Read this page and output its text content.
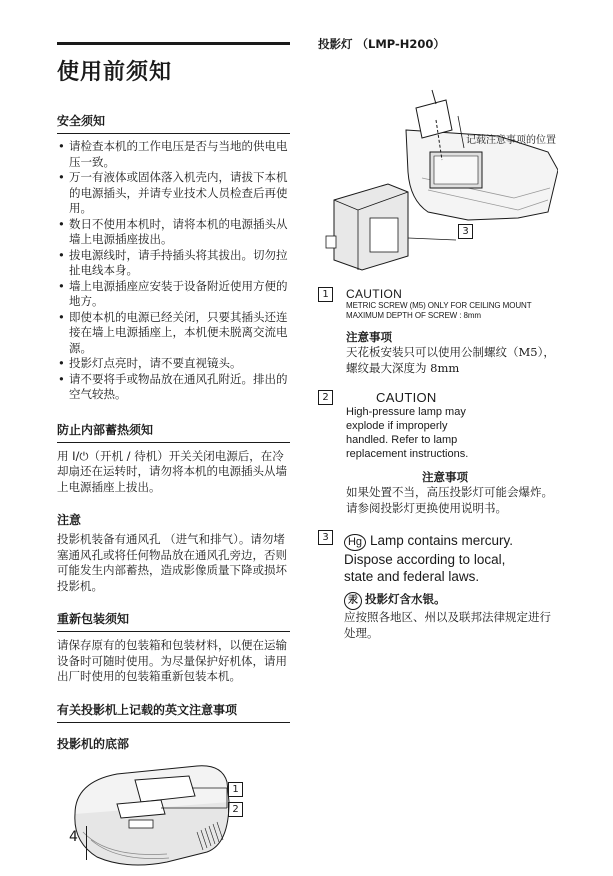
使用前须知
安全须知
• 请检查本机的工作电压是否与当地的供电电压一致。
• 万一有液体或固体落入机壳内，请拔下本机的电源插头，并请专业技术人员检查后再使用。
• 数日不使用本机时，请将本机的电源插头从墙上电源插座拔出。
• 拔电源线时，请手持插头将其拔出。切勿拉扯电线本身。
• 墙上电源插座应安装于设备附近使用方便的地方。
• 即使本机的电源已经关闭，只要其插头还连接在墙上电源插座上，本机便未脱离交流电源。
• 投影灯点亮时，请不要直视镜头。
• 请不要将手或物品放在通风孔附近。排出的空气较热。
防止内部蓄热须知
用 I/⏻（开机 / 待机）开关关闭电源后，在冷却扇还在运转时，请勿将本机的电源插头从墙上电源插座上拔出。
注意
投影机装备有通风孔 （进气和排气）。请勿堵塞通风孔或将任何物品放在通风孔旁边，否则可能发生内部蓄热，造成影像质量下降或损坏投影机。
重新包装须知
请保存原有的包装箱和包装材料，以便在运输设备时可随时使用。为尽量保护好机体，请用出厂时使用的包装箱重新包装本机。
有关投影机上记载的英文注意事项
投影机的底部
1
2
投影灯 （LMP-H200）
记载注意事项的位置
3
1	CAUTION
METRIC SCREW (M5) ONLY FOR CEILING MOUNT
MAXIMUM DEPTH OF SCREW : 8mm
注意事项
天花板安装只可以使用公制螺纹（M5），螺纹最大深度为 8mm
2	CAUTION
High-pressure lamp may
explode if improperly
handled. Refer to lamp
replacement instructions.
注意事项
如果处置不当，高压投影灯可能会爆炸。请参阅投影灯更换使用说明书。
3	Hg Lamp contains mercury.
Dispose according to local,
state and federal laws.
汞 投影灯含水银。
应按照各地区、州以及联邦法律规定进行处理。
4
